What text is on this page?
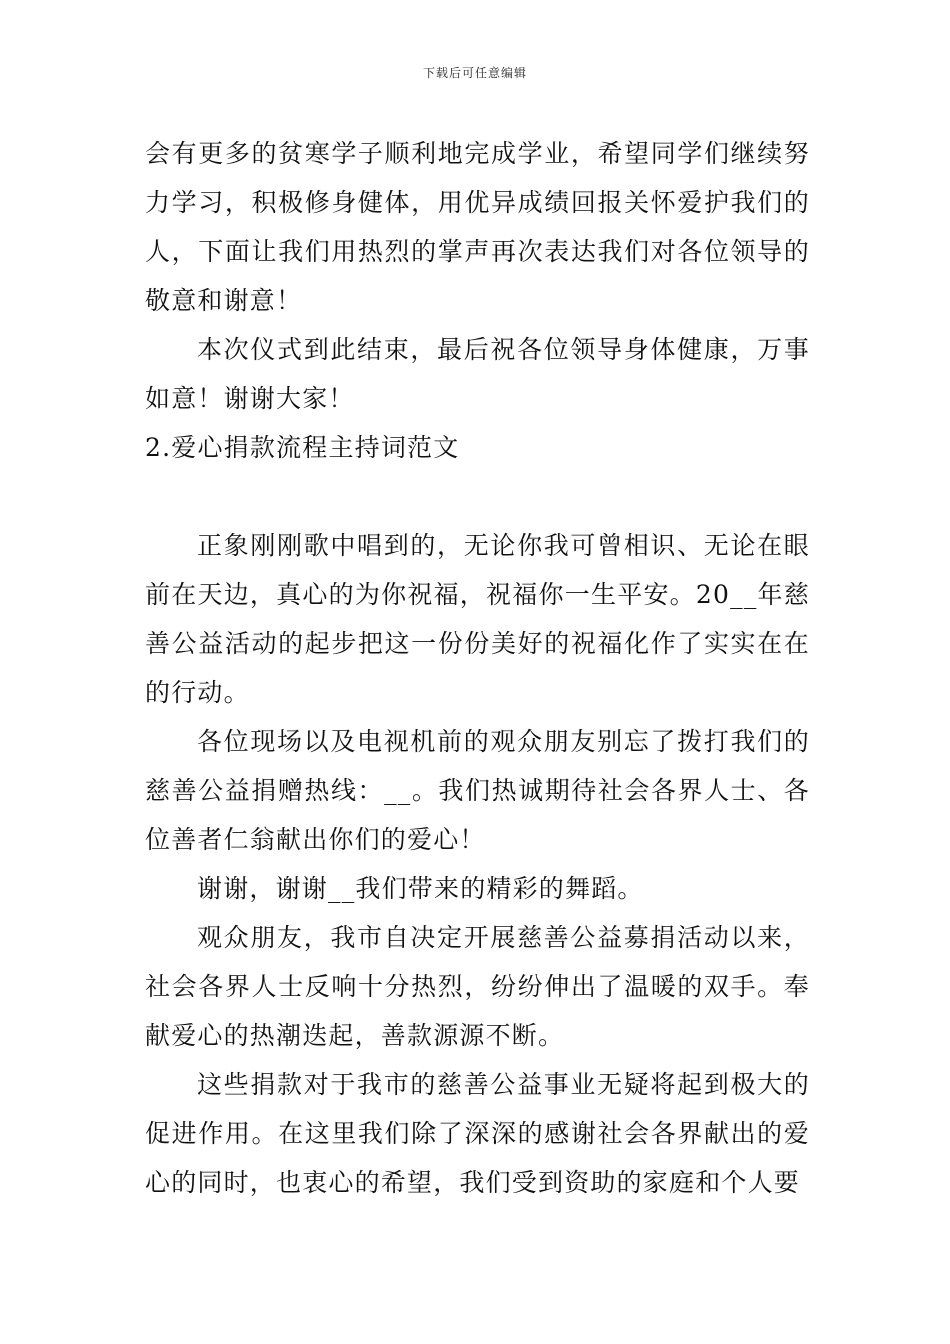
下载后可任意编辑

会有更多的贫寒学子顺利地完成学业，希望同学们继续努力学习，积极修身健体，用优异成绩回报关怀爱护我们的人，下面让我们用热烈的掌声再次表达我们对各位领导的敬意和谢意！

本次仪式到此结束，最后祝各位领导身体健康，万事如意！谢谢大家！

2.爱心捐款流程主持词范文

正象刚刚歌中唱到的，无论你我可曾相识、无论在眼前在天边，真心的为你祝福，祝福你一生平安。20__年慈善公益活动的起步把这一份份美好的祝福化作了实实在在的行动。

各位现场以及电视机前的观众朋友别忘了拨打我们的慈善公益捐赠热线：__。我们热诚期待社会各界人士、各位善者仁翁献出你们的爱心！

谢谢，谢谢__我们带来的精彩的舞蹈。

观众朋友，我市自决定开展慈善公益募捐活动以来，社会各界人士反响十分热烈，纷纷伸出了温暖的双手。奉献爱心的热潮迭起，善款源源不断。

这些捐款对于我市的慈善公益事业无疑将起到极大的促进作用。在这里我们除了深深的感谢社会各界献出的爱心的同时，也衷心的希望，我们受到资助的家庭和个人要
